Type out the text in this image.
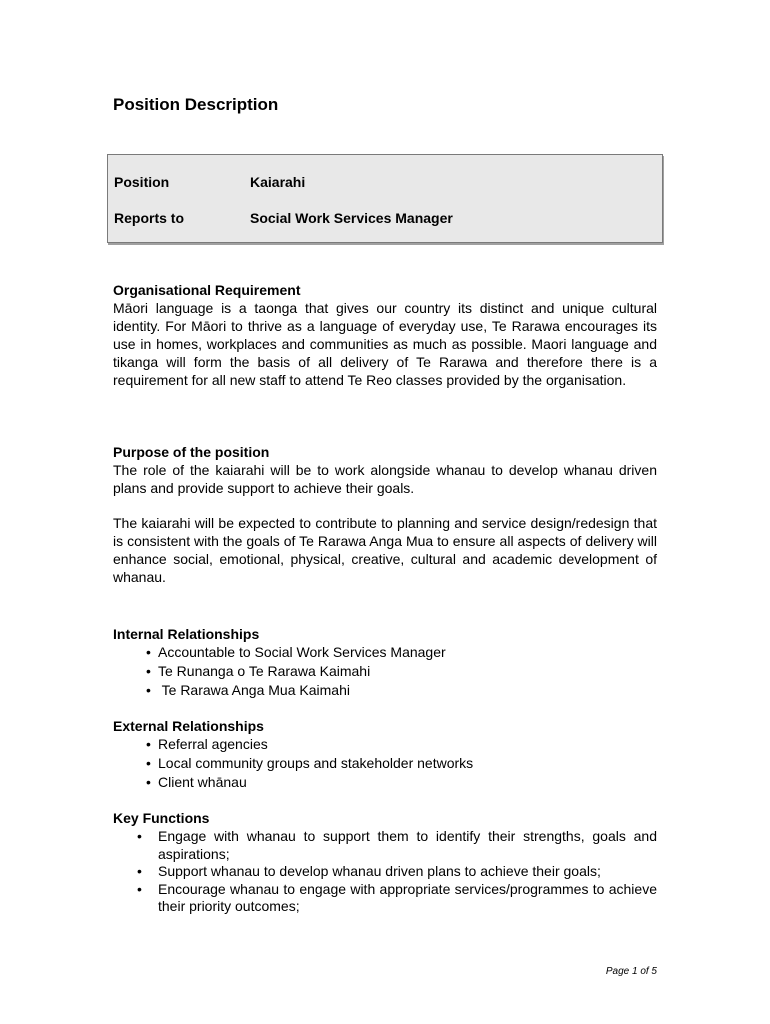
Position Description
Position	Kaiarahi
Reports to	Social Work Services Manager
Organisational Requirement

Māori language is a taonga that gives our country its distinct and unique cultural identity. For Māori to thrive as a language of everyday use, Te Rarawa encourages its use in homes, workplaces and communities as much as possible. Maori language and tikanga will form the basis of all delivery of Te Rarawa and therefore there is a requirement for all new staff to attend Te Reo classes provided by the organisation.

Purpose of the position

The role of the kaiarahi will be to work alongside whanau to develop whanau driven plans and provide support to achieve their goals.

The kaiarahi will be expected to contribute to planning and service design/redesign that is consistent with the goals of Te Rarawa Anga Mua to ensure all aspects of delivery will enhance social, emotional, physical, creative, cultural and academic development of whanau.

Internal Relationships
• Accountable to Social Work Services Manager
• Te Runanga o Te Rarawa Kaimahi
•  Te Rarawa Anga Mua Kaimahi
External Relationships
• Referral agencies
• Local community groups and stakeholder networks
• Client whānau
Key Functions
• Engage with whanau to support them to identify their strengths, goals and aspirations;
• Support whanau to develop whanau driven plans to achieve their goals;
• Encourage whanau to engage with appropriate services/programmes to achieve their priority outcomes;
Page 1 of 5
